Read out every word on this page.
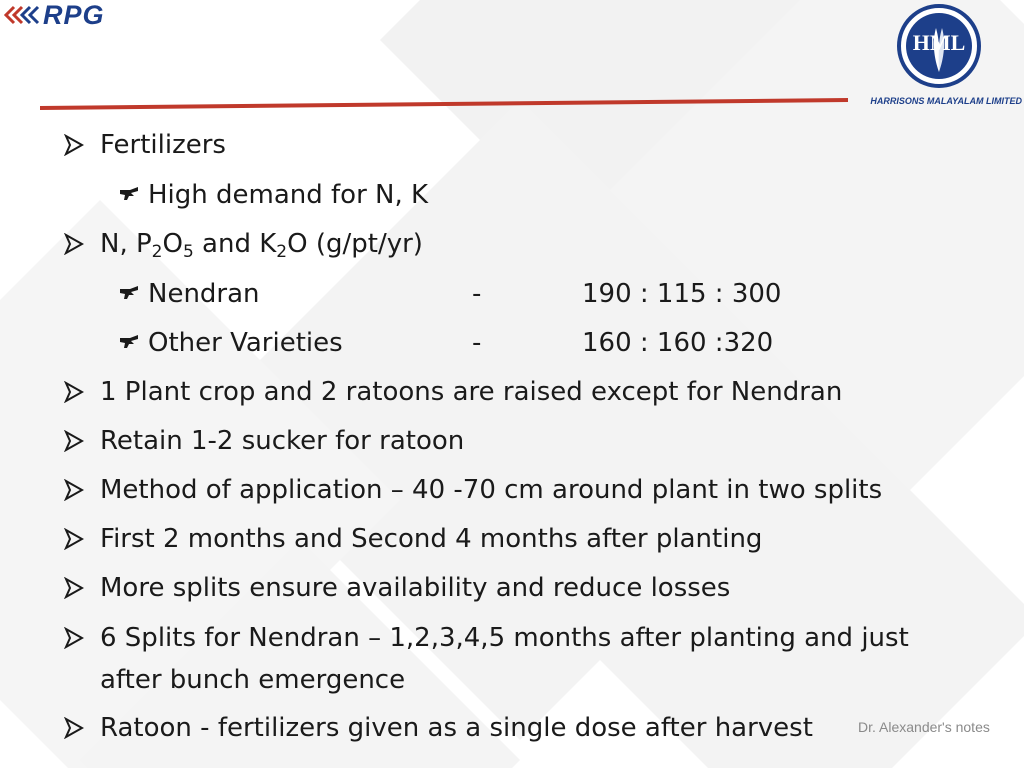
RPG
HML
HARRISONS MALAYALAM LIMITED
Fertilizers
High demand for N, K
N, $P_2O_5$ and $K_2O$ (g/pt/yr)
Nendran	-	190 : 115 : 300
Other Varieties	-	160 : 160 :320
1 Plant crop and 2 ratoons are raised except for Nendran
Retain 1-2 sucker for ratoon
Method of application – 40 -70 cm around plant in two splits
First 2 months and Second 4 months after planting
More splits ensure availability and reduce losses
6 Splits for Nendran – 1,2,3,4,5 months after planting and just after bunch emergence
Ratoon - fertilizers given as a single dose after harvest	Dr. Alexander's notes
